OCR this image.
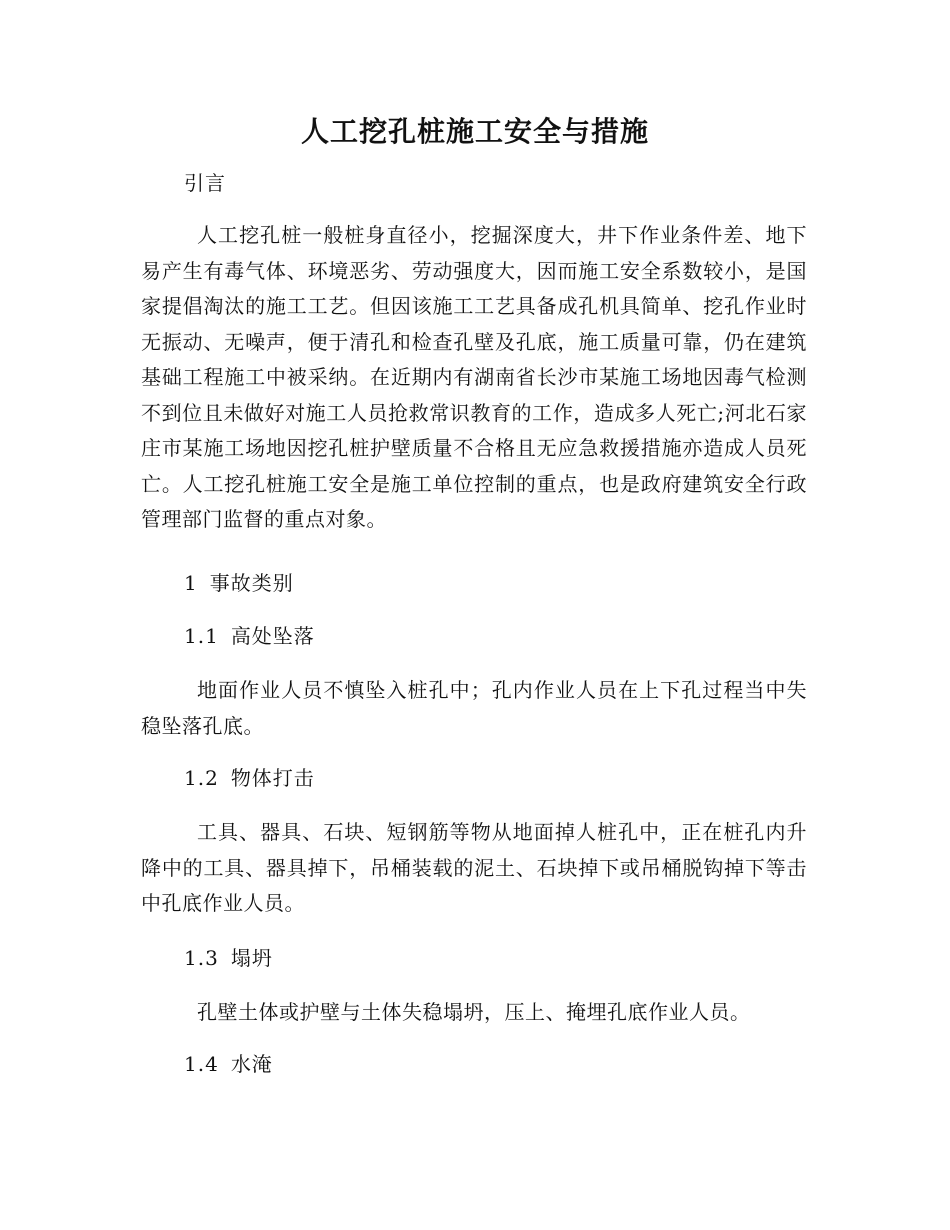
人工挖孔桩施工安全与措施
引言

人工挖孔桩一般桩身直径小，挖掘深度大，井下作业条件差、地下易产生有毒气体、环境恶劣、劳动强度大，因而施工安全系数较小，是国家提倡淘汰的施工工艺。但因该施工工艺具备成孔机具简单、挖孔作业时无振动、无噪声，便于清孔和检查孔壁及孔底，施工质量可靠，仍在建筑基础工程施工中被采纳。在近期内有湖南省长沙市某施工场地因毒气检测不到位且未做好对施工人员抢救常识教育的工作，造成多人死亡;河北石家庄市某施工场地因挖孔桩护壁质量不合格且无应急救援措施亦造成人员死亡。人工挖孔桩施工安全是施工单位控制的重点，也是政府建筑安全行政管理部门监督的重点对象。

1 事故类别
1.1 高处坠落

地面作业人员不慎坠入桩孔中；孔内作业人员在上下孔过程当中失稳坠落孔底。

1.2 物体打击

工具、器具、石块、短钢筋等物从地面掉人桩孔中，正在桩孔内升降中的工具、器具掉下，吊桶装载的泥土、石块掉下或吊桶脱钩掉下等击中孔底作业人员。

1.3 塌坍

孔壁土体或护壁与土体失稳塌坍，压上、掩埋孔底作业人员。

1.4 水淹
